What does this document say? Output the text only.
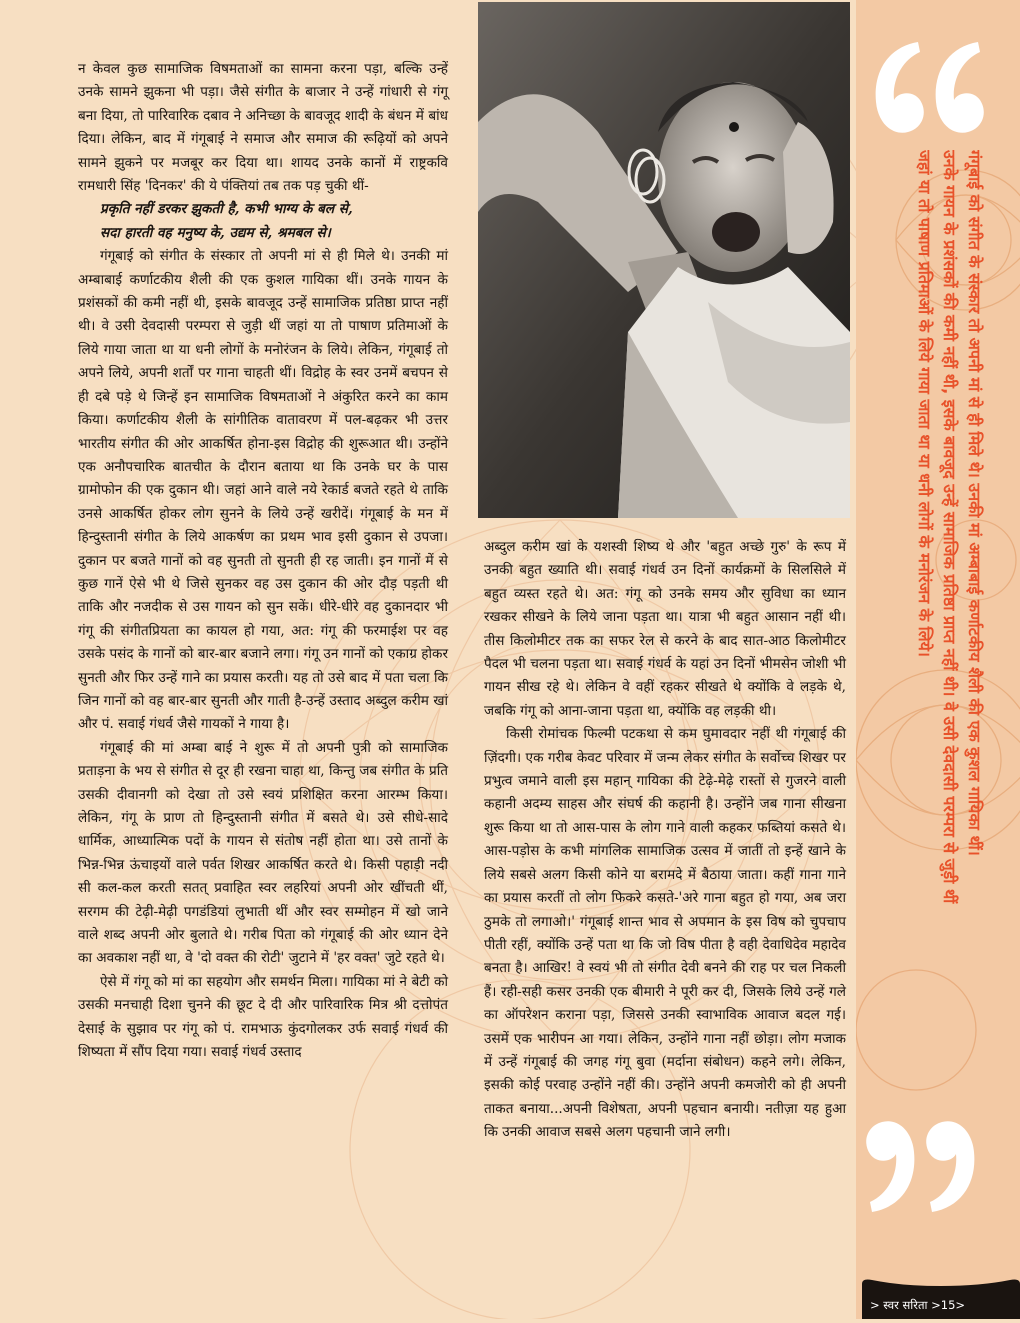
गंगूबाई को संगीत के संस्कार तो अपनी मां से ही मिले थे। उनकी मां अम्बाबाई कर्णाटकीय शैली की एक कुशल गायिका थीं।
उनके गायन के प्रशंसकों की कमी नहीं थी, इसके बावजूद उन्हें सामाजिक प्रतिष्ठा प्राप्त नहीं थी। वे उसी देवदासी परम्परा से जुड़ी थीं
जहां या तो पाषाण प्रतिमाओं के लिये गाया जाता था या धनी लोगों के मनोरंजन के लिये।

न केवल कुछ सामाजिक विषमताओं का सामना करना पड़ा, बल्कि उन्हें उनके सामने झुकना भी पड़ा। जैसे संगीत के बाजार ने उन्हें गांधारी से गंगू बना दिया, तो पारिवारिक दबाव ने अनिच्छा के बावजूद शादी के बंधन में बांध दिया। लेकिन, बाद में गंगूबाई ने समाज और समाज की रूढ़ियों को अपने सामने झुकने पर मजबूर कर दिया था। शायद उनके कानों में राष्ट्रकवि रामधारी सिंह 'दिनकर' की ये पंक्तियां तब तक पड़ चुकी थीं-

प्रकृति नहीं डरकर झुकती है, कभी भाग्य के बल से,
सदा हारती वह मनुष्य के, उद्यम से, श्रमबल से।

गंगूबाई को संगीत के संस्कार तो अपनी मां से ही मिले थे। उनकी मां अम्बाबाई कर्णाटकीय शैली की एक कुशल गायिका थीं। उनके गायन के प्रशंसकों की कमी नहीं थी, इसके बावजूद उन्हें सामाजिक प्रतिष्ठा प्राप्त नहीं थी। वे उसी देवदासी परम्परा से जुड़ी थीं जहां या तो पाषाण प्रतिमाओं के लिये गाया जाता था या धनी लोगों के मनोरंजन के लिये। लेकिन, गंगूबाई तो अपने लिये, अपनी शर्तों पर गाना चाहती थीं। विद्रोह के स्वर उनमें बचपन से ही दबे पड़े थे जिन्हें इन सामाजिक विषमताओं ने अंकुरित करने का काम किया। कर्णाटकीय शैली के सांगीतिक वातावरण में पल-बढ़कर भी उत्तर भारतीय संगीत की ओर आकर्षित होना-इस विद्रोह की शुरूआत थी। उन्होंने एक अनौपचारिक बातचीत के दौरान बताया था कि उनके घर के पास ग्रामोफोन की एक दुकान थी। जहां आने वाले नये रेकार्ड बजते रहते थे ताकि उनसे आकर्षित होकर लोग सुनने के लिये उन्हें खरीदें। गंगूबाई के मन में हिन्दुस्तानी संगीत के लिये आकर्षण का प्रथम भाव इसी दुकान से उपजा। दुकान पर बजते गानों को वह सुनती तो सुनती ही रह जाती। इन गानों में से कुछ गानें ऐसे भी थे जिसे सुनकर वह उस दुकान की ओर दौड़ पड़ती थी ताकि और नजदीक से उस गायन को सुन सकें। धीरे-धीरे वह दुकानदार भी गंगू की संगीतप्रियता का कायल हो गया, अत: गंगू की फरमाईश पर वह उसके पसंद के गानों को बार-बार बजाने लगा। गंगू उन गानों को एकाग्र होकर सुनती और फिर उन्हें गाने का प्रयास करती। यह तो उसे बाद में पता चला कि जिन गानों को वह बार-बार सुनती और गाती है-उन्हें उस्ताद अब्दुल करीम खां और पं. सवाई गंधर्व जैसे गायकों ने गाया है।

गंगूबाई की मां अम्बा बाई ने शुरू में तो अपनी पुत्री को सामाजिक प्रताड़ना के भय से संगीत से दूर ही रखना चाहा था, किन्तु जब संगीत के प्रति उसकी दीवानगी को देखा तो उसे स्वयं प्रशिक्षित करना आरम्भ किया। लेकिन, गंगू के प्राण तो हिन्दुस्तानी संगीत में बसते थे। उसे सीधे-सादे धार्मिक, आध्यात्मिक पदों के गायन से संतोष नहीं होता था। उसे तानों के भिन्न-भिन्न ऊंचाइयों वाले पर्वत शिखर आकर्षित करते थे। किसी पहाड़ी नदी सी कल-कल करती सतत् प्रवाहित स्वर लहरियां अपनी ओर खींचती थीं, सरगम की टेढ़ी-मेढ़ी पगडंडियां लुभाती थीं और स्वर सम्मोहन में खो जाने वाले शब्द अपनी ओर बुलाते थे। गरीब पिता को गंगूबाई की ओर ध्यान देने का अवकाश नहीं था, वे 'दो वक्त की रोटी' जुटाने में 'हर वक्त' जुटे रहते थे।

ऐसे में गंगू को मां का सहयोग और समर्थन मिला। गायिका मां ने बेटी को उसकी मनचाही दिशा चुनने की छूट दे दी और पारिवारिक मित्र श्री दत्तोपंत देसाई के सुझाव पर गंगू को पं. रामभाऊ कुंदगोलकर उर्फ सवाई गंधर्व की शिष्यता में सौंप दिया गया। सवाई गंधर्व उस्ताद

अब्दुल करीम खां के यशस्वी शिष्य थे और 'बहुत अच्छे गुरु' के रूप में उनकी बहुत ख्याति थी। सवाई गंधर्व उन दिनों कार्यक्रमों के सिलसिले में बहुत व्यस्त रहते थे। अत: गंगू को उनके समय और सुविधा का ध्यान रखकर सीखने के लिये जाना पड़ता था। यात्रा भी बहुत आसान नहीं थी। तीस किलोमीटर तक का सफर रेल से करने के बाद सात-आठ किलोमीटर पैदल भी चलना पड़ता था। सवाई गंधर्व के यहां उन दिनों भीमसेन जोशी भी गायन सीख रहे थे। लेकिन वे वहीं रहकर सीखते थे क्योंकि वे लड़के थे, जबकि गंगू को आना-जाना पड़ता था, क्योंकि वह लड़की थी।

किसी रोमांचक फिल्मी पटकथा से कम घुमावदार नहीं थी गंगूबाई की ज़िंदगी। एक गरीब केवट परिवार में जन्म लेकर संगीत के सर्वोच्च शिखर पर प्रभुत्व जमाने वाली इस महान् गायिका की टेढ़े-मेढ़े रास्तों से गुजरने वाली कहानी अदम्य साहस और संघर्ष की कहानी है। उन्होंने जब गाना सीखना शुरू किया था तो आस-पास के लोग गाने वाली कहकर फब्तियां कसते थे। आस-पड़ोस के कभी मांगलिक सामाजिक उत्सव में जातीं तो इन्हें खाने के लिये सबसे अलग किसी कोने या बरामदे में बैठाया जाता। कहीं गाना गाने का प्रयास करतीं तो लोग फिकरे कसते-'अरे गाना बहुत हो गया, अब जरा ठुमके तो लगाओ।' गंगूबाई शान्त भाव से अपमान के इस विष को चुपचाप पीती रहीं, क्योंकि उन्हें पता था कि जो विष पीता है वही देवाधिदेव महादेव बनता है। आखिर! वे स्वयं भी तो संगीत देवी बनने की राह पर चल निकली हैं। रही-सही कसर उनकी एक बीमारी ने पूरी कर दी, जिसके लिये उन्हें गले का ऑपरेशन कराना पड़ा, जिससे उनकी स्वाभाविक आवाज बदल गई। उसमें एक भारीपन आ गया। लेकिन, उन्होंने गाना नहीं छोड़ा। लोग मजाक में उन्हें गंगूबाई की जगह गंगू बुवा (मर्दाना संबोधन) कहने लगे। लेकिन, इसकी कोई परवाह उन्होंने नहीं की। उन्होंने अपनी कमजोरी को ही अपनी ताकत बनाया...अपनी विशेषता, अपनी पहचान बनायी। नतीज़ा यह हुआ कि उनकी आवाज सबसे अलग पहचानी जाने लगी।

> स्वर सरिता >15>
